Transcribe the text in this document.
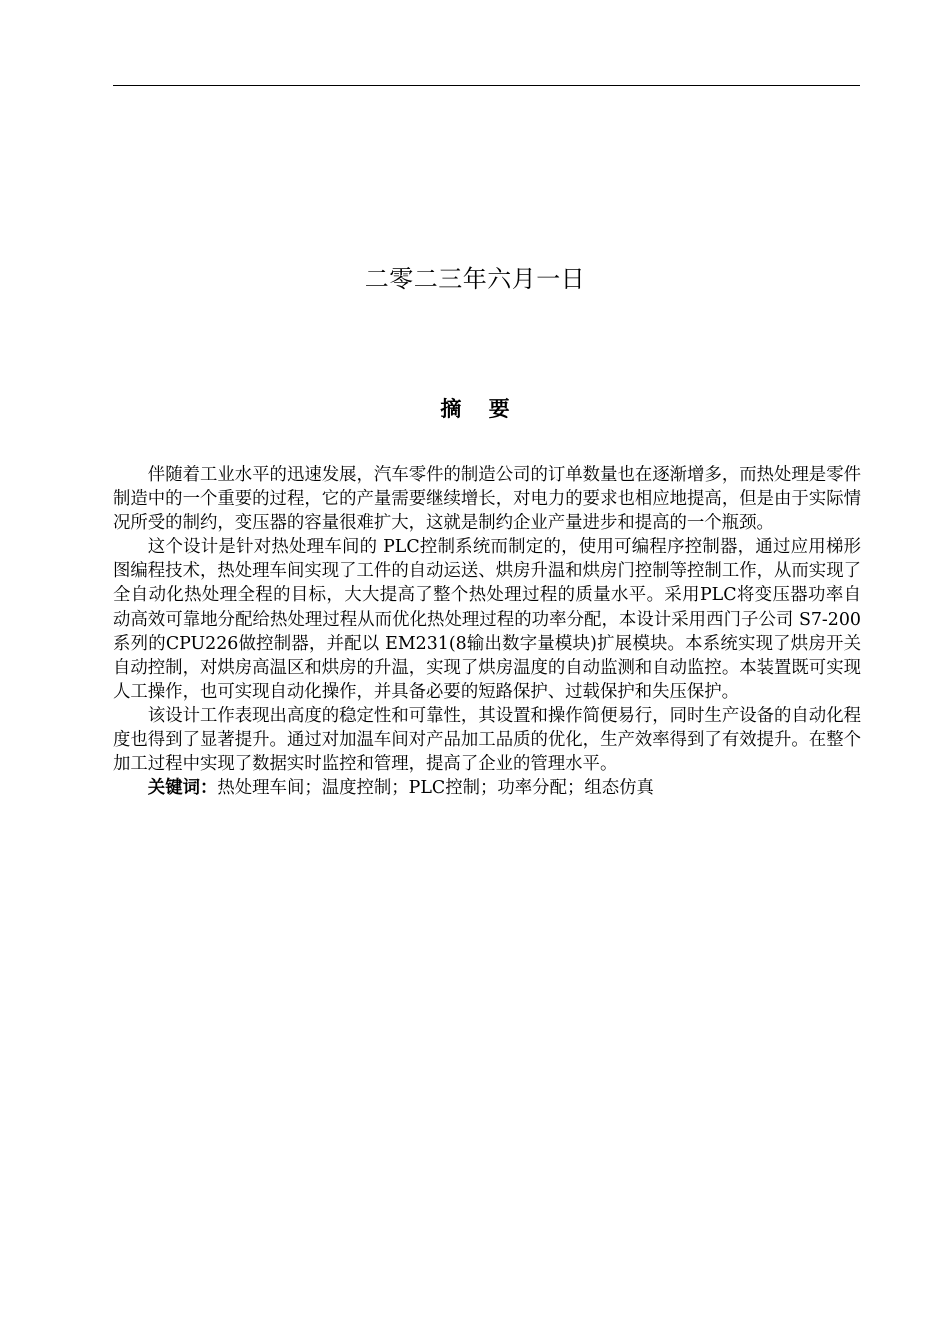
二零二三年六月一日
摘 要

伴随着工业水平的迅速发展，汽车零件的制造公司的订单数量也在逐渐增多，而热处理是零件制造中的一个重要的过程，它的产量需要继续增长，对电力的要求也相应地提高，但是由于实际情况所受的制约，变压器的容量很难扩大，这就是制约企业产量进步和提高的一个瓶颈。

这个设计是针对热处理车间的 PLC控制系统而制定的，使用可编程序控制器，通过应用梯形图编程技术，热处理车间实现了工件的自动运送、烘房升温和烘房门控制等控制工作，从而实现了全自动化热处理全程的目标，大大提高了整个热处理过程的质量水平。采用PLC将变压器功率自动高效可靠地分配给热处理过程从而优化热处理过程的功率分配，本设计采用西门子公司 S7-200系列的CPU226做控制器，并配以 EM231(8输出数字量模块)扩展模块。本系统实现了烘房开关自动控制，对烘房高温区和烘房的升温，实现了烘房温度的自动监测和自动监控。本装置既可实现人工操作，也可实现自动化操作，并具备必要的短路保护、过载保护和失压保护。

该设计工作表现出高度的稳定性和可靠性，其设置和操作简便易行，同时生产设备的自动化程度也得到了显著提升。通过对加温车间对产品加工品质的优化，生产效率得到了有效提升。在整个加工过程中实现了数据实时监控和管理，提高了企业的管理水平。

关键词：热处理车间；温度控制；PLC控制；功率分配；组态仿真
